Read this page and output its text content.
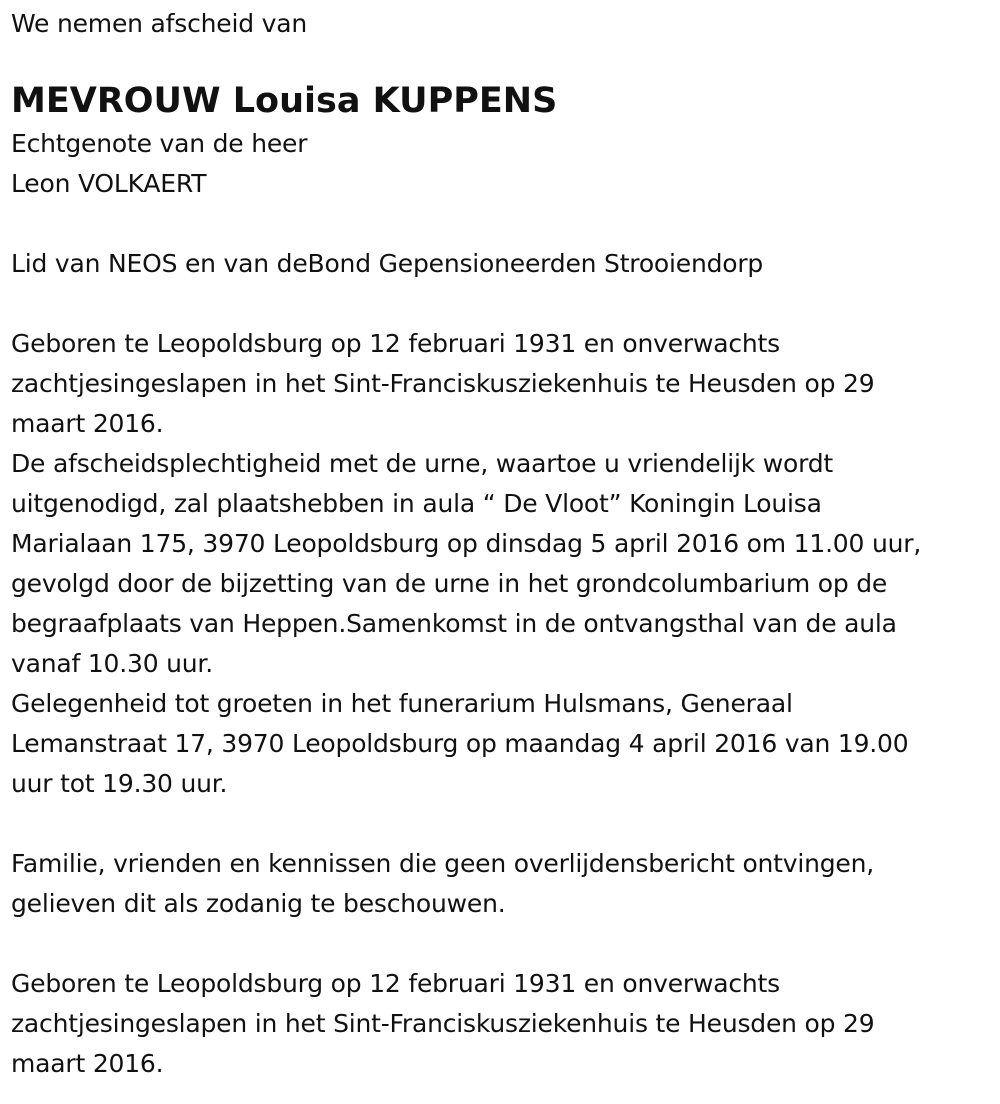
We nemen afscheid van
MEVROUW Louisa KUPPENS
Echtgenote van de heer
Leon VOLKAERT
Lid van NEOS en van deBond Gepensioneerden Strooiendorp
Geboren te Leopoldsburg op 12 februari 1931 en onverwachts
zachtjesingeslapen in het Sint-Franciskusziekenhuis te Heusden op 29
maart 2016.
De afscheidsplechtigheid met de urne, waartoe u vriendelijk wordt
uitgenodigd, zal plaatshebben in aula “ De Vloot” Koningin Louisa
Marialaan 175, 3970 Leopoldsburg op dinsdag 5 april 2016 om 11.00 uur,
gevolgd door de bijzetting van de urne in het grondcolumbarium op de
begraafplaats van Heppen.Samenkomst in de ontvangsthal van de aula
vanaf 10.30 uur.
Gelegenheid tot groeten in het funerarium Hulsmans, Generaal
Lemanstraat 17, 3970 Leopoldsburg op maandag 4 april 2016 van 19.00
uur tot 19.30 uur.
Familie, vrienden en kennissen die geen overlijdensbericht ontvingen,
gelieven dit als zodanig te beschouwen.
Geboren te Leopoldsburg op 12 februari 1931 en onverwachts
zachtjesingeslapen in het Sint-Franciskusziekenhuis te Heusden op 29
maart 2016.
